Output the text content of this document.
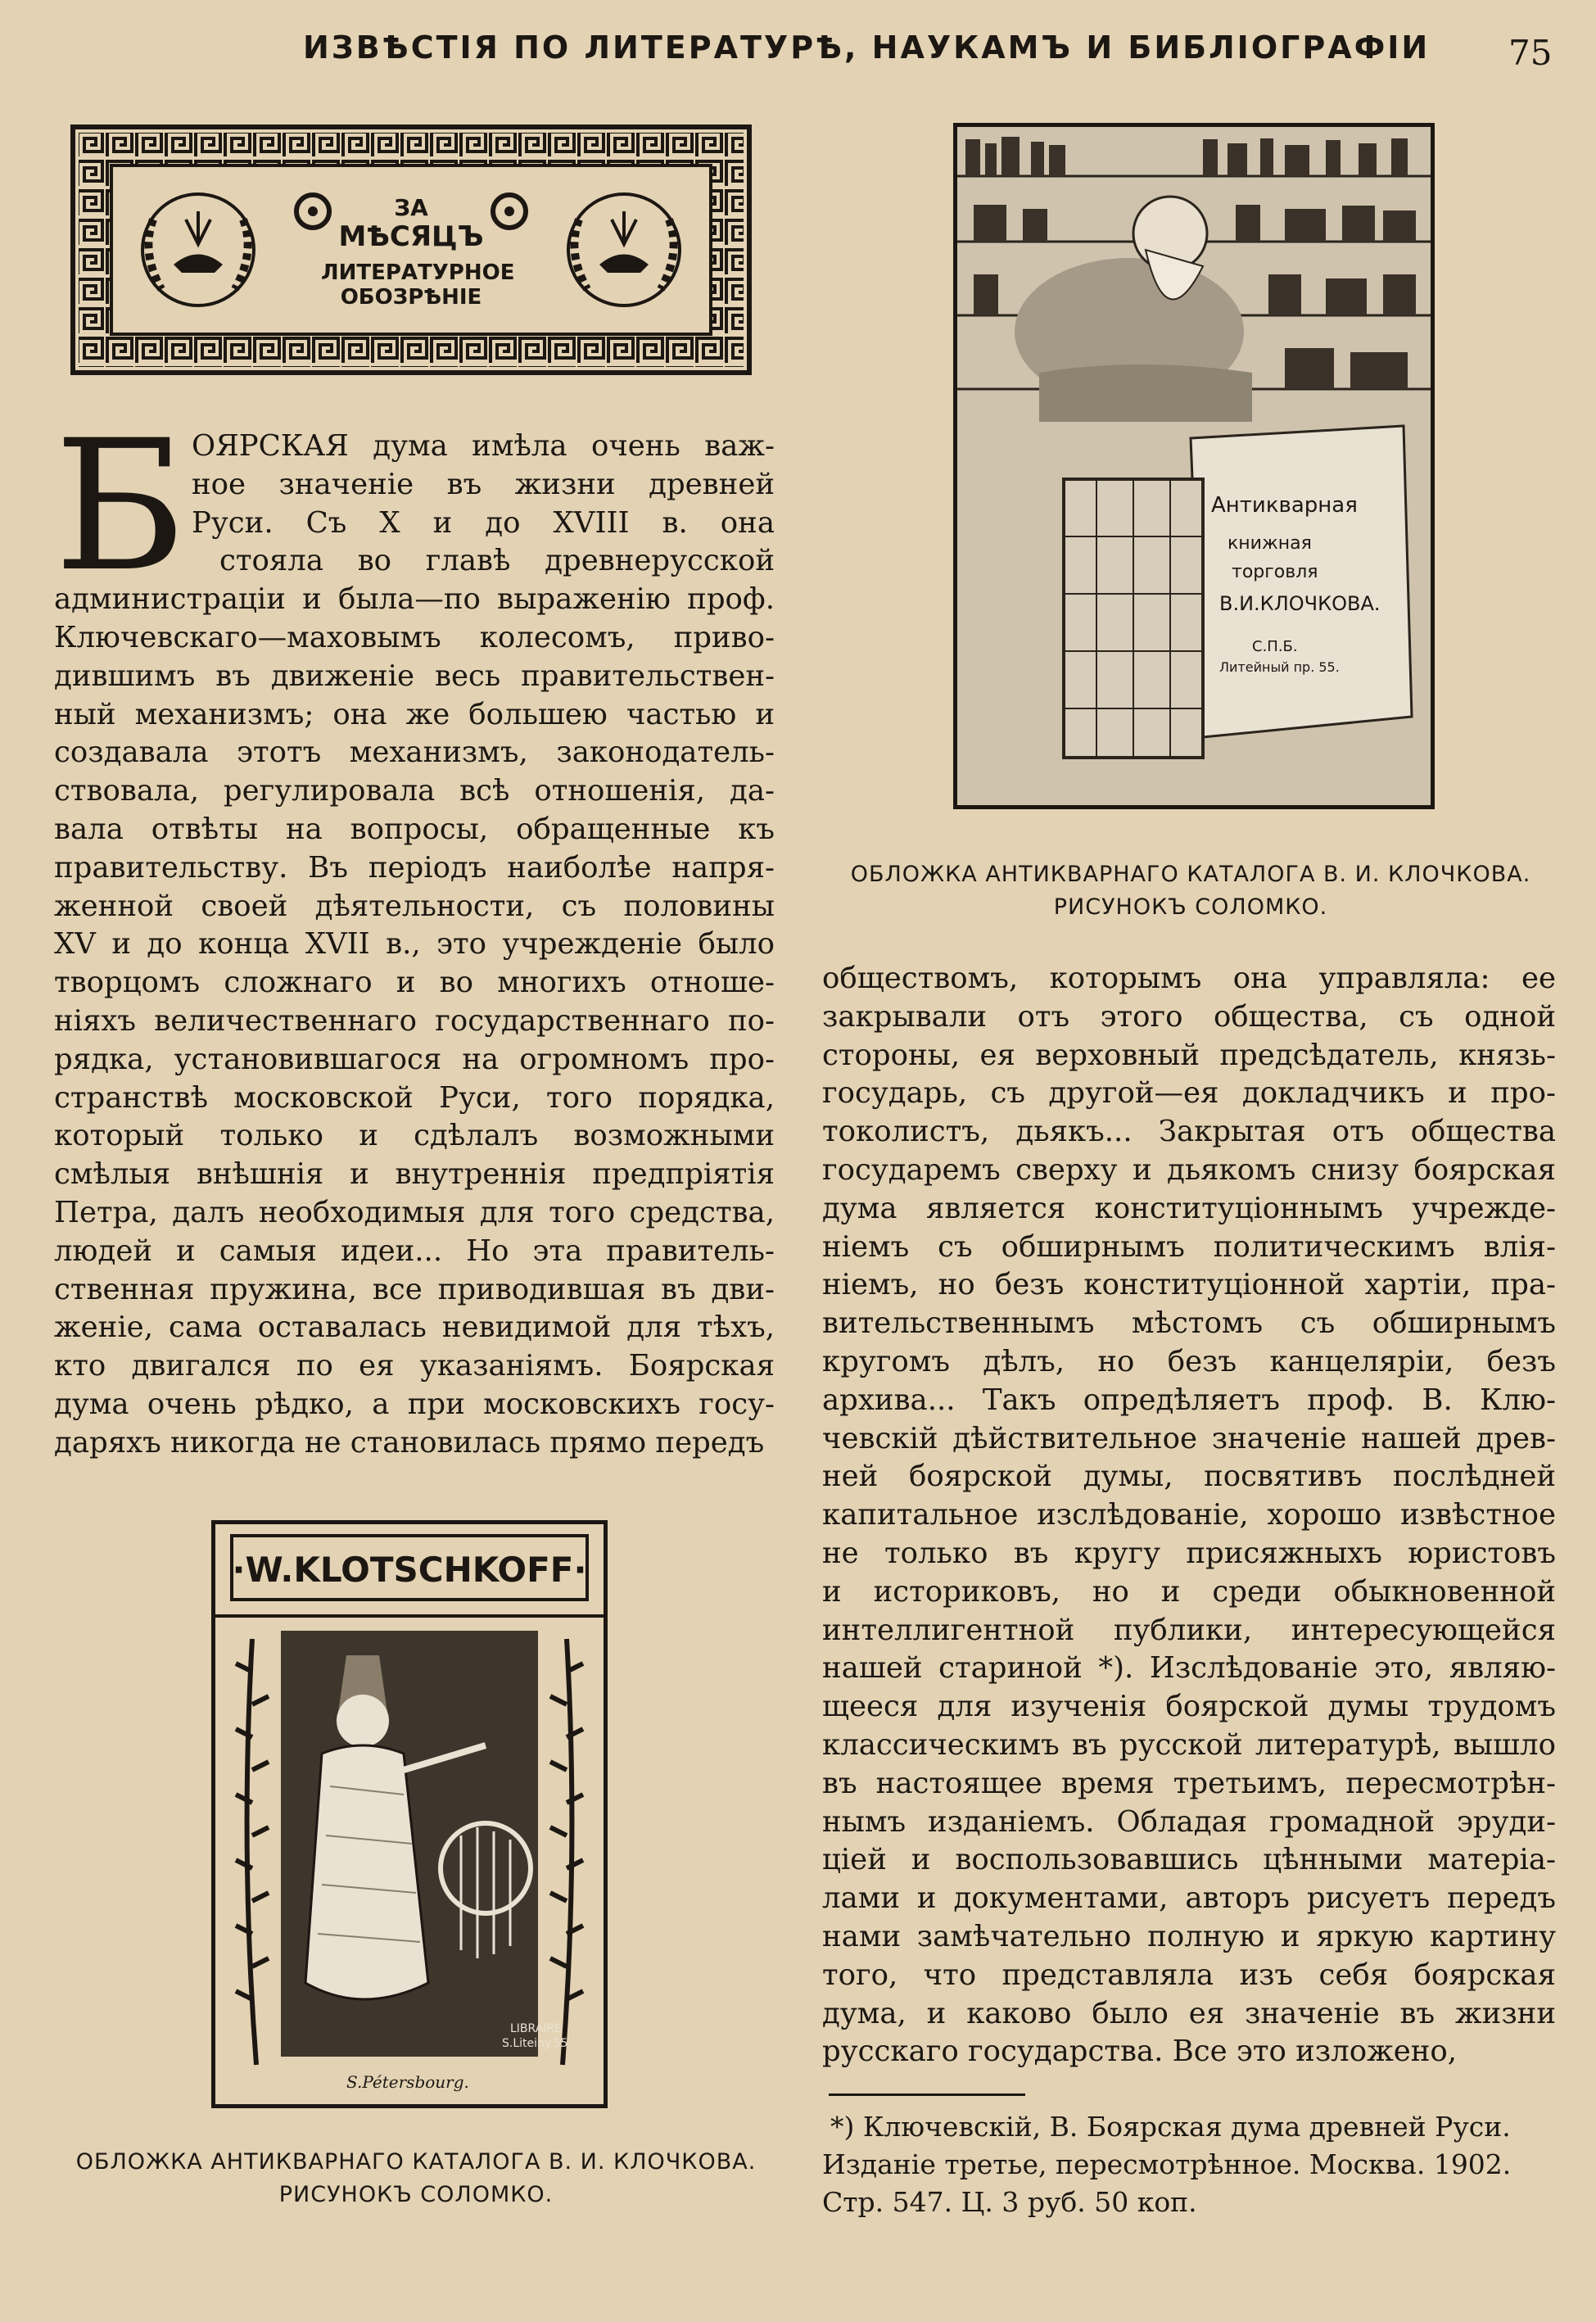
ИЗВѢСТІЯ ПО ЛИТЕРАТУРѢ, НАУКАМЪ И БИБЛІОГРАФІИ 75
ЗА
МѢСЯЦЪ
ЛИТЕРАТУРНОЕ
ОБОЗРѢНІЕ
Б ОЯРСКАЯ дума имѣла очень важ-
ное значеніе въ жизни древней
Руси. Съ X и до XVIII в. она
стояла во главѣ древнерусской
администраціи и была—по выраженію проф.
Ключевскаго—маховымъ колесомъ, приво-
дившимъ въ движеніе весь правительствен-
ный механизмъ; она же большею частью и
создавала этотъ механизмъ, законодатель-
ствовала, регулировала всѣ отношенія, да-
вала отвѣты на вопросы, обращенные къ
правительству. Въ періодъ наиболѣе напря-
женной своей дѣятельности, съ половины
XV и до конца XVII в., это учрежденіе было
творцомъ сложнаго и во многихъ отноше-
ніяхъ величественнаго государственнаго по-
рядка, установившагося на огромномъ про-
странствѣ московской Руси, того порядка,
который только и сдѣлалъ возможными
смѣлыя внѣшнія и внутреннія предпріятія
Петра, далъ необходимыя для того средства,
людей и самыя идеи... Но эта правитель-
ственная пружина, все приводившая въ дви-
женіе, сама оставалась невидимой для тѣхъ,
кто двигался по ея указаніямъ. Боярская
дума очень рѣдко, а при московскихъ госу-
даряхъ никогда не становилась прямо передъ
Антикварная
книжная
торговля
В.И.КЛОЧКОВА.
С.П.Б.
Литейный пр. 55.
ОБЛОЖКА АНТИКВАРНАГО КАТАЛОГА В. И. КЛОЧКОВА.
РИСУНОКЪ СОЛОМКО.
обществомъ, которымъ она управляла: ее
закрывали отъ этого общества, съ одной
стороны, ея верховный предсѣдатель, князь-
государь, съ другой—ея докладчикъ и про-
токолистъ, дьякъ... Закрытая отъ общества
государемъ сверху и дьякомъ снизу боярская
дума является конституціоннымъ учрежде-
ніемъ съ обширнымъ политическимъ влія-
ніемъ, но безъ конституціонной хартіи, пра-
вительственнымъ мѣстомъ съ обширнымъ
кругомъ дѣлъ, но безъ канцеляріи, безъ
архива... Такъ опредѣляетъ проф. В. Клю-
чевскій дѣйствительное значеніе нашей древ-
ней боярской думы, посвятивъ послѣдней
капитальное изслѣдованіе, хорошо извѣстное
не только въ кругу присяжныхъ юристовъ
и историковъ, но и среди обыкновенной
интеллигентной публики, интересующейся
нашей стариной *). Изслѣдованіе это, являю-
щееся для изученія боярской думы трудомъ
классическимъ въ русской литературѣ, вышло
въ настоящее время третьимъ, пересмотрѣн-
нымъ изданіемъ. Обладая громадной эруди-
ціей и воспользовавшись цѣнными матеріа-
лами и документами, авторъ рисуетъ передъ
нами замѣчательно полную и яркую картину
того, что представляла изъ себя боярская
дума, и каково было ея значеніе въ жизни
русскаго государства. Все это изложено,
·W.KLOTSCHKOFF·
LIBRAIRE
S.Liteiny.55
S.Pétersbourg.
ОБЛОЖКА АНТИКВАРНАГО КАТАЛОГА В. И. КЛОЧКОВА.
РИСУНОКЪ СОЛОМКО.
*) Ключевскій, В. Боярская дума древней Руси.
Изданіе третье, пересмотрѣнное. Москва. 1902.
Стр. 547. Ц. 3 руб. 50 коп.
